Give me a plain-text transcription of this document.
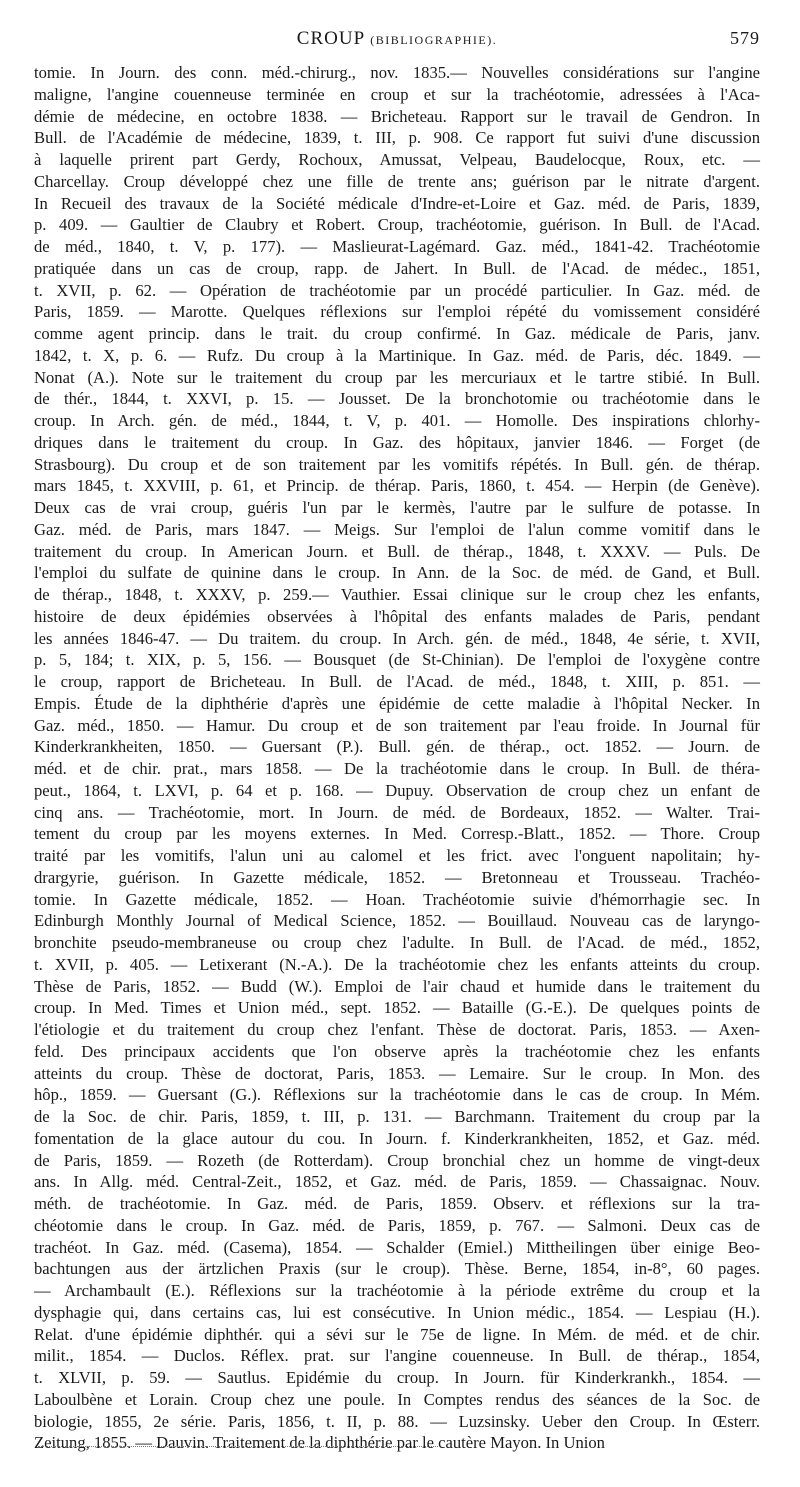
CROUP (BIBLIOGRAPHIE).	579
tomie. In Journ. des conn. méd.-chirurg., nov. 1835.— Nouvelles considérations sur l'angine
maligne, l'angine couenneuse terminée en croup et sur la trachéotomie, adressées à l'Aca-
démie de médecine, en octobre 1838. — Bricheteau. Rapport sur le travail de Gendron. In
Bull. de l'Académie de médecine, 1839, t. III, p. 908. Ce rapport fut suivi d'une discussion
à laquelle prirent part Gerdy, Rochoux, Amussat, Velpeau, Baudelocque, Roux, etc. —
Charcellay. Croup développé chez une fille de trente ans; guérison par le nitrate d'argent.
In Recueil des travaux de la Société médicale d'Indre-et-Loire et Gaz. méd. de Paris, 1839,
p. 409. — Gaultier de Claubry et Robert. Croup, trachéotomie, guérison. In Bull. de l'Acad.
de méd., 1840, t. V, p. 177). — Maslieurat-Lagémard. Gaz. méd., 1841-42. Trachéotomie
pratiquée dans un cas de croup, rapp. de Jahert. In Bull. de l'Acad. de médec., 1851,
t. XVII, p. 62. — Opération de trachéotomie par un procédé particulier. In Gaz. méd. de
Paris, 1859. — Marotte. Quelques réflexions sur l'emploi répété du vomissement considéré
comme agent princip. dans le trait. du croup confirmé. In Gaz. médicale de Paris, janv.
1842, t. X, p. 6. — Rufz. Du croup à la Martinique. In Gaz. méd. de Paris, déc. 1849. —
Nonat (A.). Note sur le traitement du croup par les mercuriaux et le tartre stibié. In Bull.
de thér., 1844, t. XXVI, p. 15. — Jousset. De la bronchotomie ou trachéotomie dans le
croup. In Arch. gén. de méd., 1844, t. V, p. 401. — Homolle. Des inspirations chlorhy-
driques dans le traitement du croup. In Gaz. des hôpitaux, janvier 1846. — Forget (de
Strasbourg). Du croup et de son traitement par les vomitifs répétés. In Bull. gén. de thérap.
mars 1845, t. XXVIII, p. 61, et Princip. de thérap. Paris, 1860, t. 454. — Herpin (de Genève).
Deux cas de vrai croup, guéris l'un par le kermès, l'autre par le sulfure de potasse. In
Gaz. méd. de Paris, mars 1847. — Meigs. Sur l'emploi de l'alun comme vomitif dans le
traitement du croup. In American Journ. et Bull. de thérap., 1848, t. XXXV. — Puls. De
l'emploi du sulfate de quinine dans le croup. In Ann. de la Soc. de méd. de Gand, et Bull.
de thérap., 1848, t. XXXV, p. 259.— Vauthier. Essai clinique sur le croup chez les enfants,
histoire de deux épidémies observées à l'hôpital des enfants malades de Paris, pendant
les années 1846-47. — Du traitem. du croup. In Arch. gén. de méd., 1848, 4e série, t. XVII,
p. 5, 184; t. XIX, p. 5, 156. — Bousquet (de St-Chinian). De l'emploi de l'oxygène contre
le croup, rapport de Bricheteau. In Bull. de l'Acad. de méd., 1848, t. XIII, p. 851. —
Empis. Étude de la diphthérie d'après une épidémie de cette maladie à l'hôpital Necker. In
Gaz. méd., 1850. — Hamur. Du croup et de son traitement par l'eau froide. In Journal für
Kinderkrankheiten, 1850. — Guersant (P.). Bull. gén. de thérap., oct. 1852. — Journ. de
méd. et de chir. prat., mars 1858. — De la trachéotomie dans le croup. In Bull. de théra-
peut., 1864, t. LXVI, p. 64 et p. 168. — Dupuy. Observation de croup chez un enfant de
cinq ans. — Trachéotomie, mort. In Journ. de méd. de Bordeaux, 1852. — Walter. Trai-
tement du croup par les moyens externes. In Med. Corresp.-Blatt., 1852. — Thore. Croup
traité par les vomitifs, l'alun uni au calomel et les frict. avec l'onguent napolitain; hy-
drargyrie, guérison. In Gazette médicale, 1852. — Bretonneau et Trousseau. Trachéo-
tomie. In Gazette médicale, 1852. — Hoan. Trachéotomie suivie d'hémorrhagie sec. In
Edinburgh Monthly Journal of Medical Science, 1852. — Bouillaud. Nouveau cas de laryngo-
bronchite pseudo-membraneuse ou croup chez l'adulte. In Bull. de l'Acad. de méd., 1852,
t. XVII, p. 405. — Letixerant (N.-A.). De la trachéotomie chez les enfants atteints du croup.
Thèse de Paris, 1852. — Budd (W.). Emploi de l'air chaud et humide dans le traitement du
croup. In Med. Times et Union méd., sept. 1852. — Bataille (G.-E.). De quelques points de
l'étiologie et du traitement du croup chez l'enfant. Thèse de doctorat. Paris, 1853. — Axen-
feld. Des principaux accidents que l'on observe après la trachéotomie chez les enfants
atteints du croup. Thèse de doctorat, Paris, 1853. — Lemaire. Sur le croup. In Mon. des
hôp., 1859. — Guersant (G.). Réflexions sur la trachéotomie dans le cas de croup. In Mém.
de la Soc. de chir. Paris, 1859, t. III, p. 131. — Barchmann. Traitement du croup par la
fomentation de la glace autour du cou. In Journ. f. Kinderkrankheiten, 1852, et Gaz. méd.
de Paris, 1859. — Rozeth (de Rotterdam). Croup bronchial chez un homme de vingt-deux
ans. In Allg. méd. Central-Zeit., 1852, et Gaz. méd. de Paris, 1859. — Chassaignac. Nouv.
méth. de trachéotomie. In Gaz. méd. de Paris, 1859. Observ. et réflexions sur la tra-
chéotomie dans le croup. In Gaz. méd. de Paris, 1859, p. 767. — Salmoni. Deux cas de
trachéot. In Gaz. méd. (Casema), 1854. — Schalder (Emiel.) Mittheilingen über einige Beo-
bachtungen aus der ärtzlichen Praxis (sur le croup). Thèse. Berne, 1854, in-8°, 60 pages.
— Archambault (E.). Réflexions sur la trachéotomie à la période extrême du croup et la
dysphagie qui, dans certains cas, lui est consécutive. In Union médic., 1854. — Lespiau (H.).
Relat. d'une épidémie diphthér. qui a sévi sur le 75e de ligne. In Mém. de méd. et de chir.
milit., 1854. — Duclos. Réflex. prat. sur l'angine couenneuse. In Bull. de thérap., 1854,
t. XLVII, p. 59. — Sautlus. Epidémie du croup. In Journ. für Kinderkrankh., 1854. —
Laboulbène et Lorain. Croup chez une poule. In Comptes rendus des séances de la Soc. de
biologie, 1855, 2e série. Paris, 1856, t. II, p. 88. — Luzsinsky. Ueber den Croup. In Œsterr.
Zeitung, 1855. — Dauvin. Traitement de la diphthérie par le cautère Mayon. In Union
